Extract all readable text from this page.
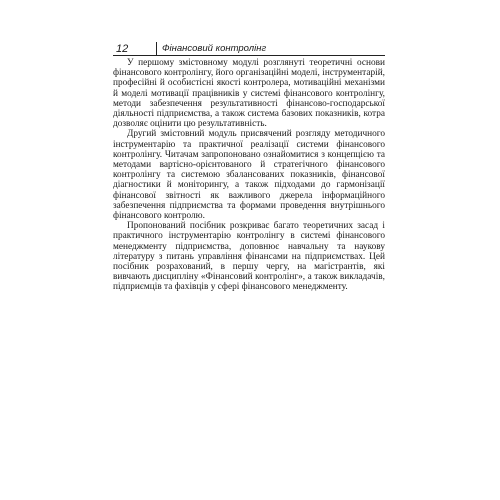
12	Фінансовий контролінг

У першому змістовному модулі розглянуті теоретичні основи фінансового контролінгу, його організаційні моделі, інструментарій, професійні й особистісні якості контролера, мотиваційні механізми й моделі мотивації працівників у системі фінансового контролінгу, методи забезпечення результативності фінансово-господарської діяльності підприємства, а також система базових показників, котра дозволяє оцінити цю результативність.

Другий змістовний модуль присвячений розгляду методичного інструментарію та практичної реалізації системи фінансового контролінгу. Читачам запропоновано ознайомитися з концепцією та методами вартісно-орієнтованого й стратегічного фінансового контролінгу та системою збалансованих показників, фінансової діагностики й моніторингу, а також підходами до гармонізації фінансової звітності як важливого джерела інформаційного забезпечення підприємства та формами проведення внутрішнього фінансового контролю.

Пропонований посібник розкриває багато теоретичних засад і практичного інструментарію контролінгу в системі фінансового менеджменту підприємства, доповнює навчальну та наукову літературу з питань управління фінансами на підприємствах. Цей посібник розрахований, в першу чергу, на магістрантів, які вивчають дисципліну «Фінансовий контролінг», а також викладачів, підприємців та фахівців у сфері фінансового менеджменту.
